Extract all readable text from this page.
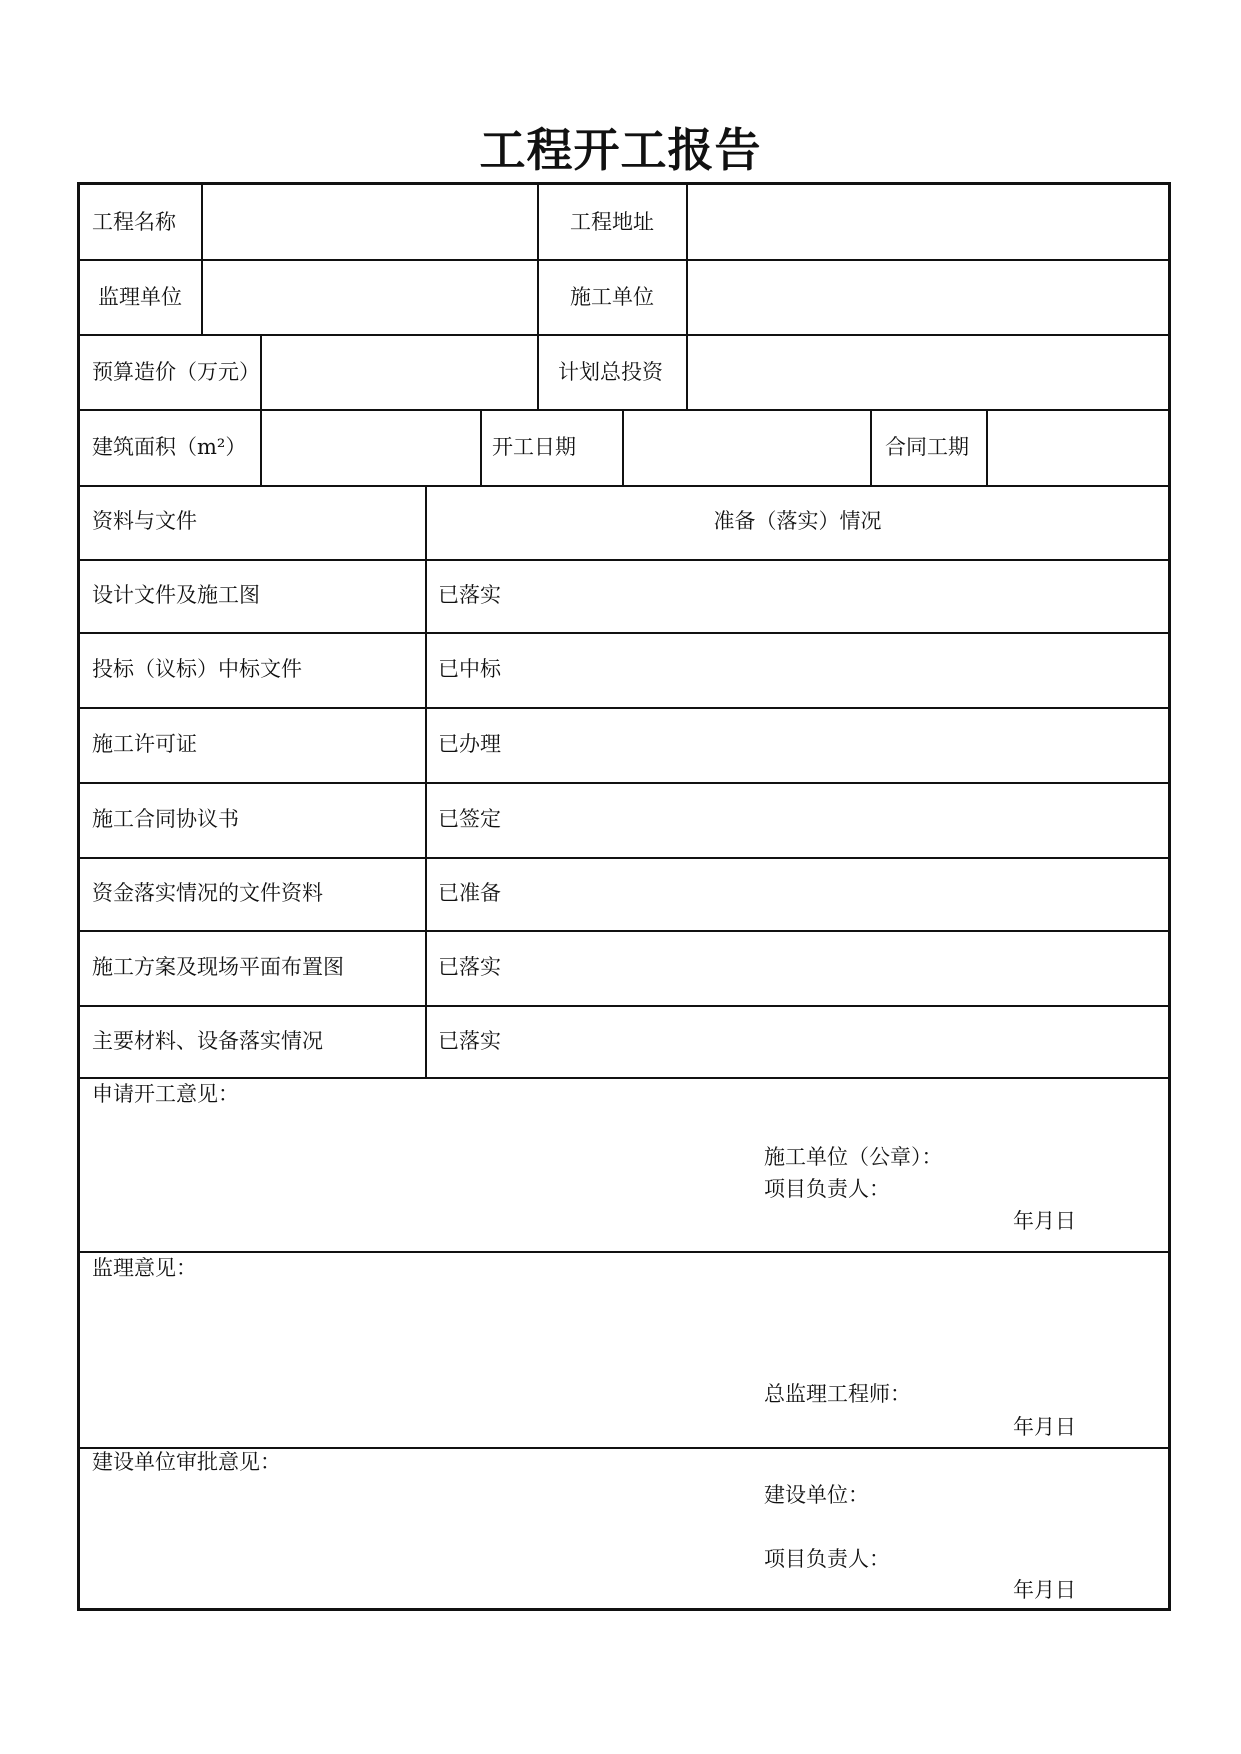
工程开工报告
工程名称	工程地址
监理单位	施工单位
预算造价（万元）	计划总投资
建筑面积（m²）	开工日期	合同工期
资料与文件	准备（落实）情况
设计文件及施工图	已落实
投标（议标）中标文件	已中标
施工许可证	已办理
施工合同协议书	已签定
资金落实情况的文件资料	已准备
施工方案及现场平面布置图	已落实
主要材料、设备落实情况	已落实
申请开工意见：
施工单位（公章）：
项目负责人：
年月日
监理意见：
总监理工程师：
年月日
建设单位审批意见：
建设单位：
项目负责人：
年月日
